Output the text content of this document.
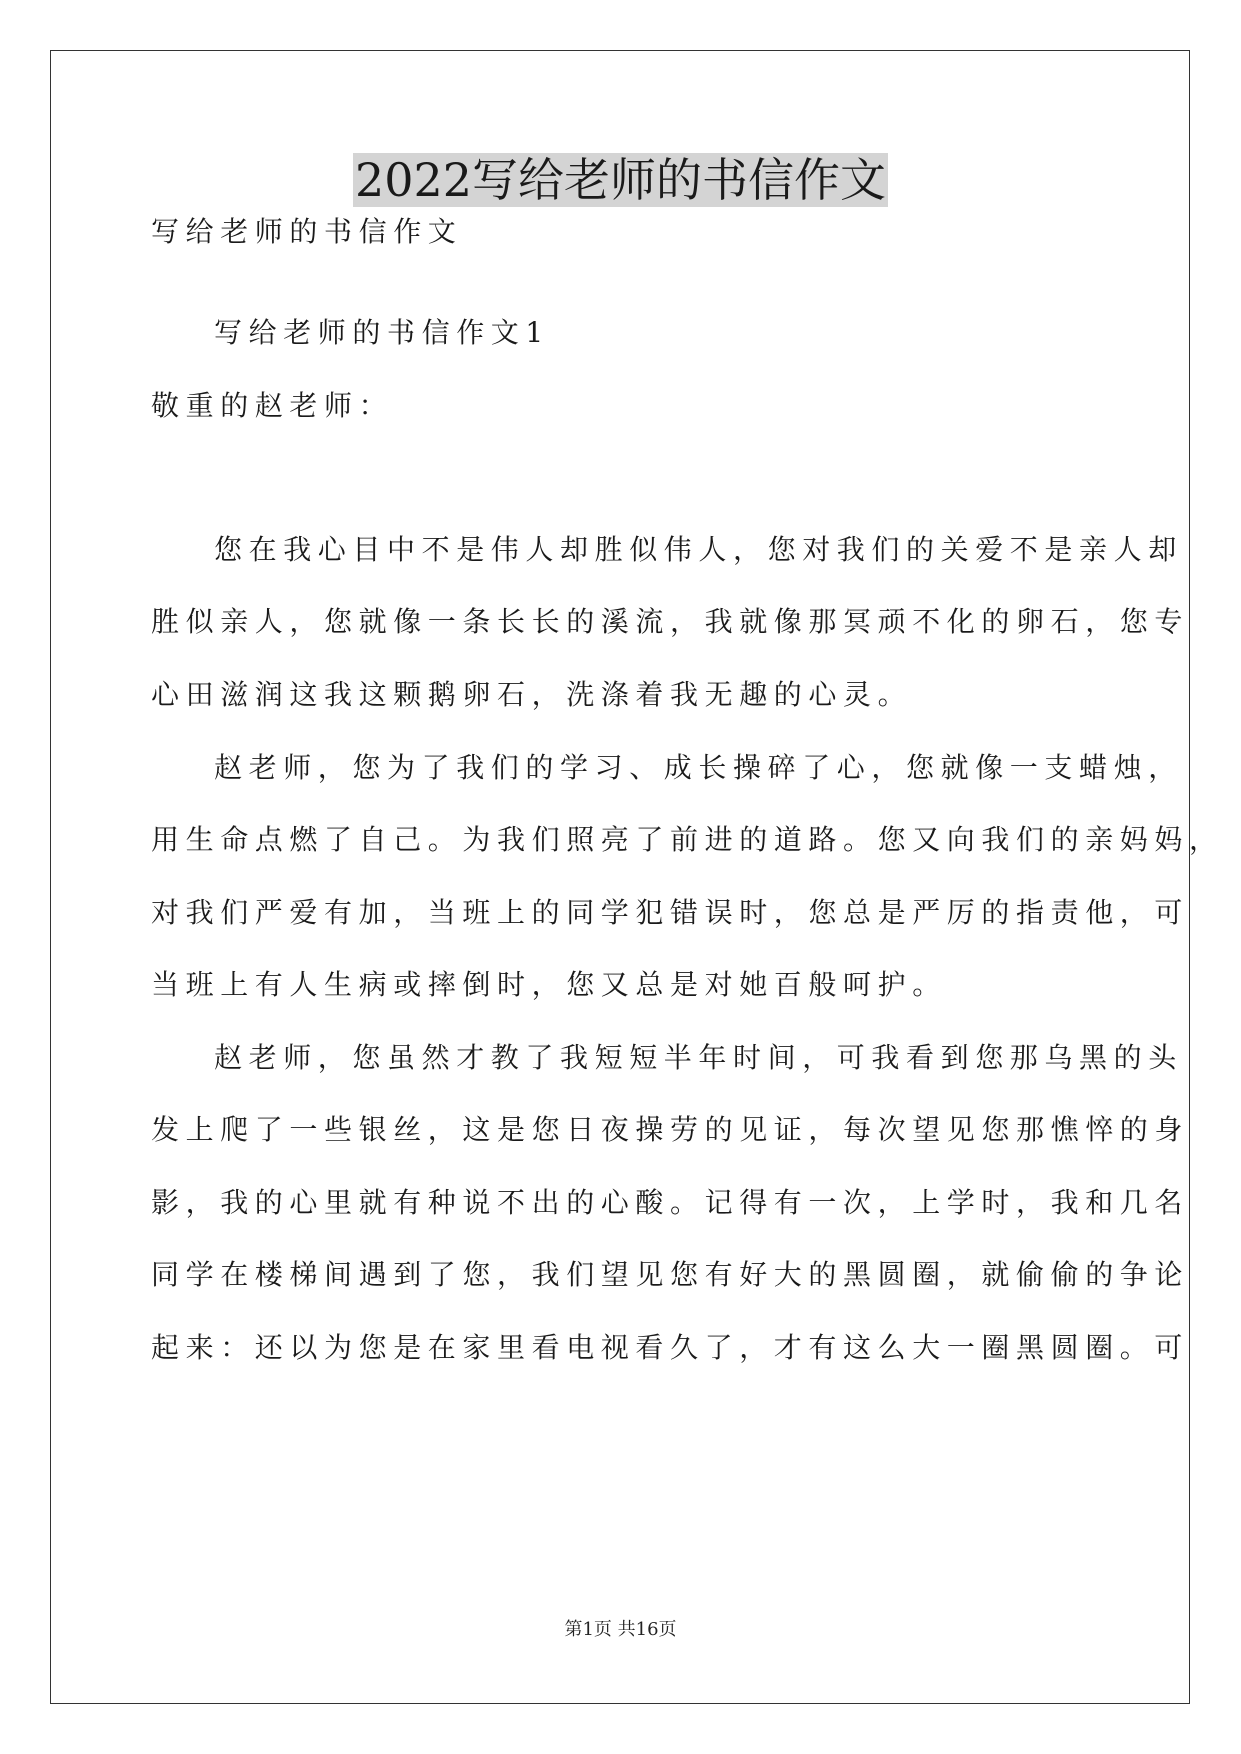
2022写给老师的书信作文

写给老师的书信作文

写给老师的书信作文1

敬重的赵老师：

您在我心目中不是伟人却胜似伟人，您对我们的关爱不是亲人却

胜似亲人，您就像一条长长的溪流，我就像那冥顽不化的卵石，您专

心田滋润这我这颗鹅卵石，洗涤着我无趣的心灵。

赵老师，您为了我们的学习、成长操碎了心，您就像一支蜡烛，

用生命点燃了自己。为我们照亮了前进的道路。您又向我们的亲妈妈，

对我们严爱有加，当班上的同学犯错误时，您总是严厉的指责他，可

当班上有人生病或摔倒时，您又总是对她百般呵护。

赵老师，您虽然才教了我短短半年时间，可我看到您那乌黑的头

发上爬了一些银丝，这是您日夜操劳的见证，每次望见您那憔悴的身

影，我的心里就有种说不出的心酸。记得有一次，上学时，我和几名

同学在楼梯间遇到了您，我们望见您有好大的黑圆圈，就偷偷的争论

起来：还以为您是在家里看电视看久了，才有这么大一圈黑圆圈。可

第1页 共16页
